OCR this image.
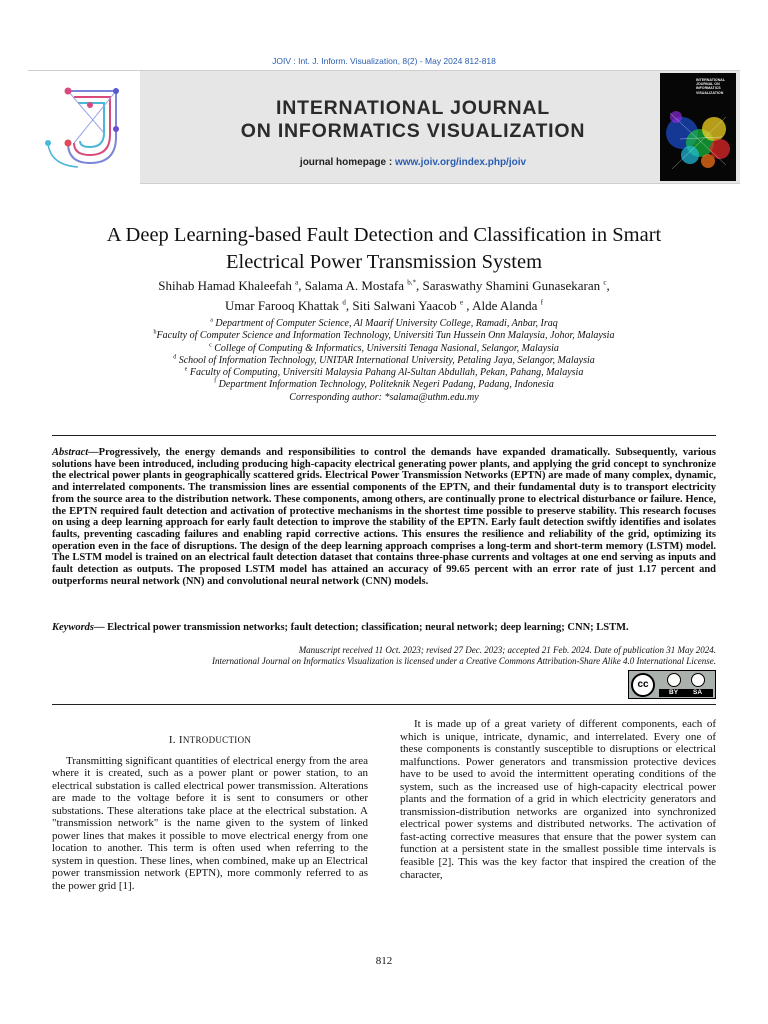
JOIV : Int. J. Inform. Visualization, 8(2) - May 2024 812-818
INTERNATIONAL JOURNAL
ON INFORMATICS VISUALIZATION
journal homepage : www.joiv.org/index.php/joiv
INTERNATIONAL JOURNAL ON INFORMATICS VISUALIZATION
A Deep Learning-based Fault Detection and Classification in Smart
Electrical Power Transmission System
Shihab Hamad Khaleefah $^a$, Salama A. Mostafa $^{b,*}$, Saraswathy Shamini Gunasekaran $^c$,
Umar Farooq Khattak $^d$, Siti Salwani Yaacob $^e$ , Alde Alanda $^f$
$^a$ Department of Computer Science, Al Maarif University College, Ramadi, Anbar, Iraq
$^b$Faculty of Computer Science and Information Technology, Universiti Tun Hussein Onn Malaysia, Johor, Malaysia
$^c$ College of Computing & Informatics, Universiti Tenaga Nasional, Selangor, Malaysia
$^d$ School of Information Technology, UNITAR International University, Petaling Jaya, Selangor, Malaysia
$^e$ Faculty of Computing, Universiti Malaysia Pahang Al-Sultan Abdullah, Pekan, Pahang, Malaysia
$^f$ Department Information Technology, Politeknik Negeri Padang, Padang, Indonesia
Corresponding author: *salama@uthm.edu.my
Abstract—Progressively, the energy demands and responsibilities to control the demands have expanded dramatically. Subsequently, various solutions have been introduced, including producing high-capacity electrical generating power plants, and applying the grid concept to synchronize the electrical power plants in geographically scattered grids. Electrical Power Transmission Networks (EPTN) are made of many complex, dynamic, and interrelated components. The transmission lines are essential components of the EPTN, and their fundamental duty is to transport electricity from the source area to the distribution network. These components, among others, are continually prone to electrical disturbance or failure. Hence, the EPTN required fault detection and activation of protective mechanisms in the shortest time possible to preserve stability. This research focuses on using a deep learning approach for early fault detection to improve the stability of the EPTN. Early fault detection swiftly identifies and isolates faults, preventing cascading failures and enabling rapid corrective actions. This ensures the resilience and reliability of the grid, optimizing its operation even in the face of disruptions. The design of the deep learning approach comprises a long-term and short-term memory (LSTM) model. The LSTM model is trained on an electrical fault detection dataset that contains three-phase currents and voltages at one end serving as inputs and fault detection as outputs. The proposed LSTM model has attained an accuracy of 99.65 percent with an error rate of just 1.17 percent and outperforms neural network (NN) and convolutional neural network (CNN) models.
Keywords— Electrical power transmission networks; fault detection; classification; neural network; deep learning; CNN; LSTM.
Manuscript received 11 Oct. 2023; revised 27 Dec. 2023; accepted 21 Feb. 2024. Date of publication 31 May 2024.
International Journal on Informatics Visualization is licensed under a Creative Commons Attribution-Share Alike 4.0 International License.
cc
BY SA
I. INTRODUCTION

Transmitting significant quantities of electrical energy from the area where it is created, such as a power plant or power station, to an electrical substation is called electrical power transmission. Alterations are made to the voltage before it is sent to consumers or other substations. These alterations take place at the electrical substation. A "transmission network" is the name given to the system of linked power lines that makes it possible to move electrical energy from one location to another. This term is often used when referring to the system in question. These lines, when combined, make up an Electrical power transmission network (EPTN), more commonly referred to as the power grid [1].

It is made up of a great variety of different components, each of which is unique, intricate, dynamic, and interrelated. Every one of these components is constantly susceptible to disruptions or electrical malfunctions. Power generators and transmission protective devices have to be used to avoid the intermittent operating conditions of the system, such as the increased use of high-capacity electrical power plants and the formation of a grid in which electricity generators and transmission-distribution networks are organized into synchronized electrical power systems and distributed networks. The activation of fast-acting corrective measures that ensure that the power system can function at a persistent state in the smallest possible time intervals is feasible [2]. This was the key factor that inspired the creation of the character,

812
